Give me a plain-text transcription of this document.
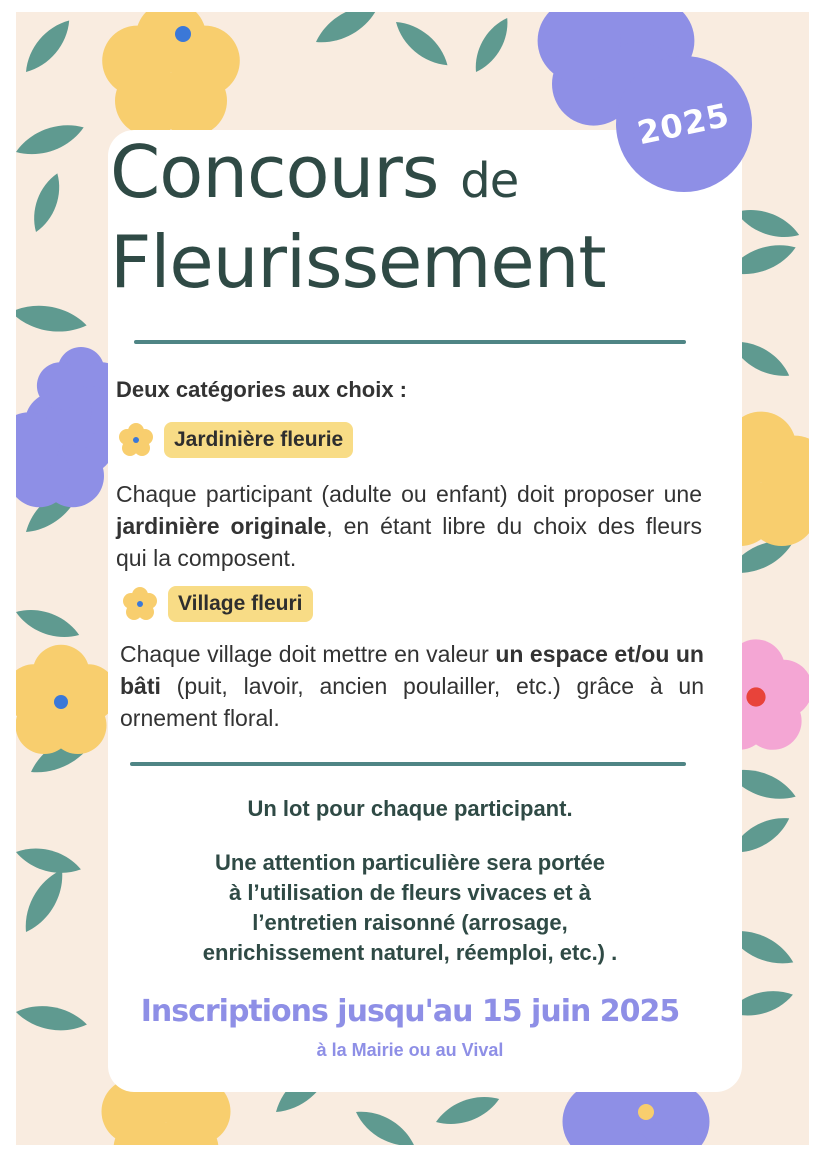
2025
Concours de
Fleurissement
Deux catégories aux choix :
Jardinière fleurie
Chaque participant (adulte ou enfant) doit proposer une jardinière originale, en étant libre du choix des fleurs qui la composent.
Village fleuri
Chaque village doit mettre en valeur un espace et/ou un bâti (puit, lavoir, ancien poulailler, etc.) grâce à un ornement floral.
Un lot pour chaque participant.
Une attention particulière sera portée
à l’utilisation de fleurs vivaces et à
l’entretien raisonné (arrosage,
enrichissement naturel, réemploi, etc.) .
Inscriptions jusqu'au 15 juin 2025
à la Mairie ou au Vival
